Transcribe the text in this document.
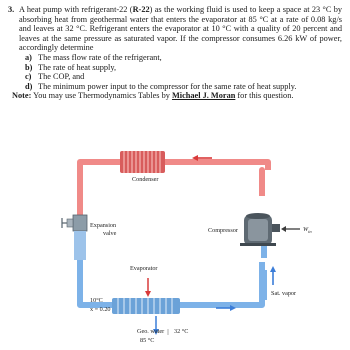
3. A heat pump with refrigerant-22 (R-22) as the working fluid is used to keep a space at 23 °C by absorbing heat from geothermal water that enters the evaporator at 85 °C at a rate of 0.08 kg/s and leaves at 32 °C. Refrigerant enters the evaporator at 10 °C with a quality of 20 percent and leaves at the same pressure as saturated vapor. If the compressor consumes 6.26 kW of power, accordingly determine
a) The mass flow rate of the refrigerant,
b) The rate of heat supply,
c) The COP, and
d) The minimum power input to the compressor for the same rate of heat supply.
Note: You may use Thermodynamics Tables by Michael J. Moran for this question.
Condenser
Expansion
valve	Compressor	$W_{in}$
Evaporator
10°C
x = 0.20
Sat. vapor
Geo. water
85 °C
32 °C
